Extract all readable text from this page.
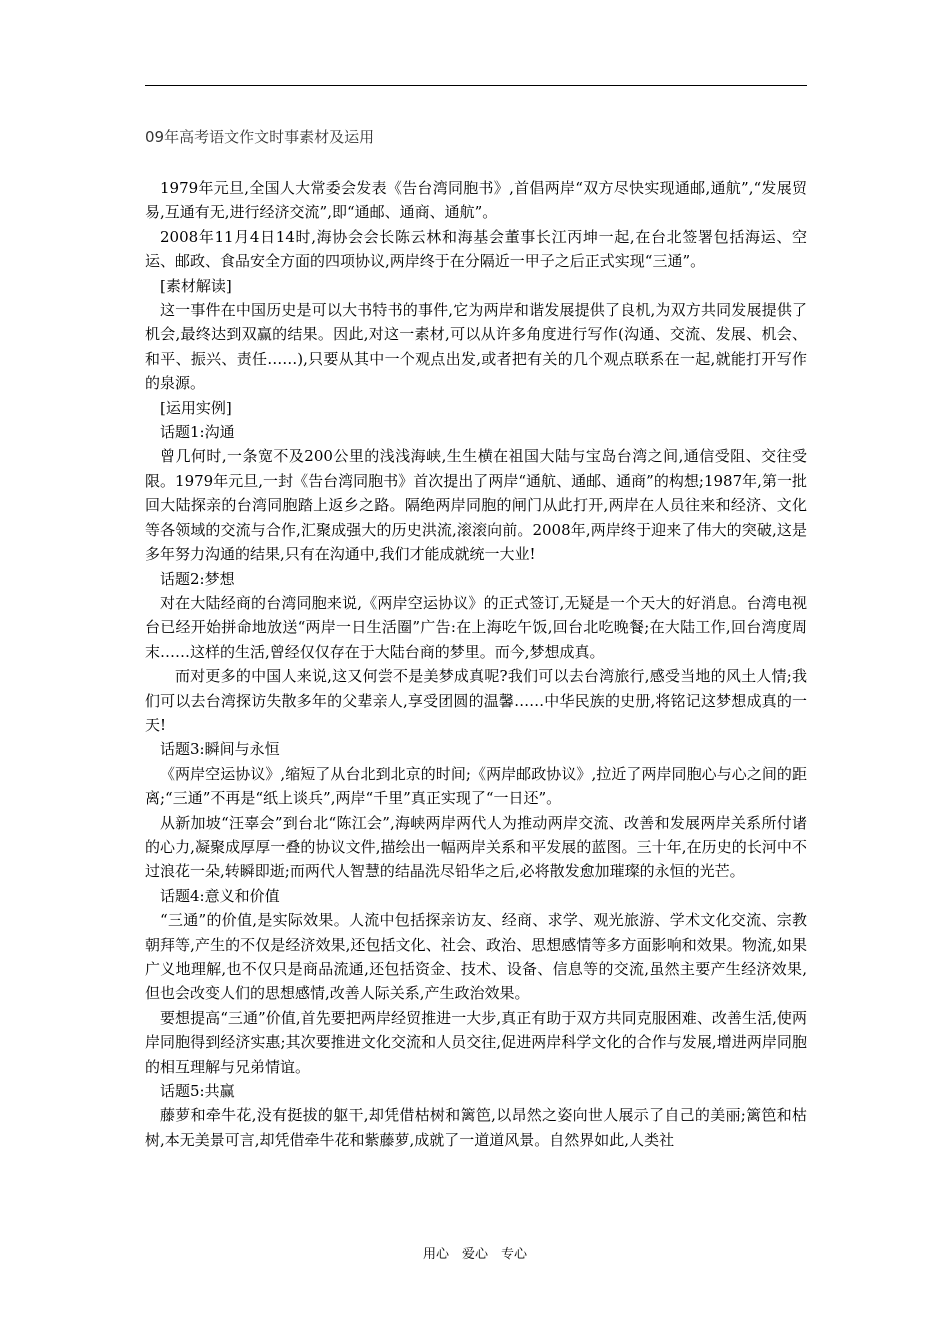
09年高考语文作文时事素材及运用

1979年元旦,全国人大常委会发表《告台湾同胞书》,首倡两岸“双方尽快实现通邮,通航”,“发展贸易,互通有无,进行经济交流”,即“通邮、通商、通航”。

2008年11月4日14时,海协会会长陈云林和海基会董事长江丙坤一起,在台北签署包括海运、空运、邮政、食品安全方面的四项协议,两岸终于在分隔近一甲子之后正式实现“三通”。

[素材解读]

这一事件在中国历史是可以大书特书的事件,它为两岸和谐发展提供了良机,为双方共同发展提供了机会,最终达到双赢的结果。因此,对这一素材,可以从许多角度进行写作(沟通、交流、发展、机会、和平、振兴、责任……),只要从其中一个观点出发,或者把有关的几个观点联系在一起,就能打开写作的泉源。

[运用实例]

话题1:沟通

曾几何时,一条宽不及200公里的浅浅海峡,生生横在祖国大陆与宝岛台湾之间,通信受阻、交往受限。1979年元旦,一封《告台湾同胞书》首次提出了两岸“通航、通邮、通商”的构想;1987年,第一批回大陆探亲的台湾同胞踏上返乡之路。隔绝两岸同胞的闸门从此打开,两岸在人员往来和经济、文化等各领域的交流与合作,汇聚成强大的历史洪流,滚滚向前。2008年,两岸终于迎来了伟大的突破,这是多年努力沟通的结果,只有在沟通中,我们才能成就统一大业!

话题2:梦想

对在大陆经商的台湾同胞来说,《两岸空运协议》的正式签订,无疑是一个天大的好消息。台湾电视台已经开始拼命地放送“两岸一日生活圈”广告:在上海吃午饭,回台北吃晚餐;在大陆工作,回台湾度周末……这样的生活,曾经仅仅存在于大陆台商的梦里。而今,梦想成真。

而对更多的中国人来说,这又何尝不是美梦成真呢?我们可以去台湾旅行,感受当地的风土人情;我们可以去台湾探访失散多年的父辈亲人,享受团圆的温馨……中华民族的史册,将铭记这梦想成真的一天!

话题3:瞬间与永恒

《两岸空运协议》,缩短了从台北到北京的时间;《两岸邮政协议》,拉近了两岸同胞心与心之间的距离;“三通”不再是“纸上谈兵”,两岸“千里”真正实现了“一日还”。

从新加坡“汪辜会”到台北“陈江会”,海峡两岸两代人为推动两岸交流、改善和发展两岸关系所付诸的心力,凝聚成厚厚一叠的协议文件,描绘出一幅两岸关系和平发展的蓝图。三十年,在历史的长河中不过浪花一朵,转瞬即逝;而两代人智慧的结晶洗尽铅华之后,必将散发愈加璀璨的永恒的光芒。

话题4:意义和价值

“三通”的价值,是实际效果。人流中包括探亲访友、经商、求学、观光旅游、学术文化交流、宗教朝拜等,产生的不仅是经济效果,还包括文化、社会、政治、思想感情等多方面影响和效果。物流,如果广义地理解,也不仅只是商品流通,还包括资金、技术、设备、信息等的交流,虽然主要产生经济效果,但也会改变人们的思想感情,改善人际关系,产生政治效果。

要想提高“三通”价值,首先要把两岸经贸推进一大步,真正有助于双方共同克服困难、改善生活,使两岸同胞得到经济实惠;其次要推进文化交流和人员交往,促进两岸科学文化的合作与发展,增进两岸同胞的相互理解与兄弟情谊。

话题5:共赢

藤萝和牵牛花,没有挺拔的躯干,却凭借枯树和篱笆,以昂然之姿向世人展示了自己的美丽;篱笆和枯树,本无美景可言,却凭借牵牛花和紫藤萝,成就了一道道风景。自然界如此,人类社

用心　爱心　专心
